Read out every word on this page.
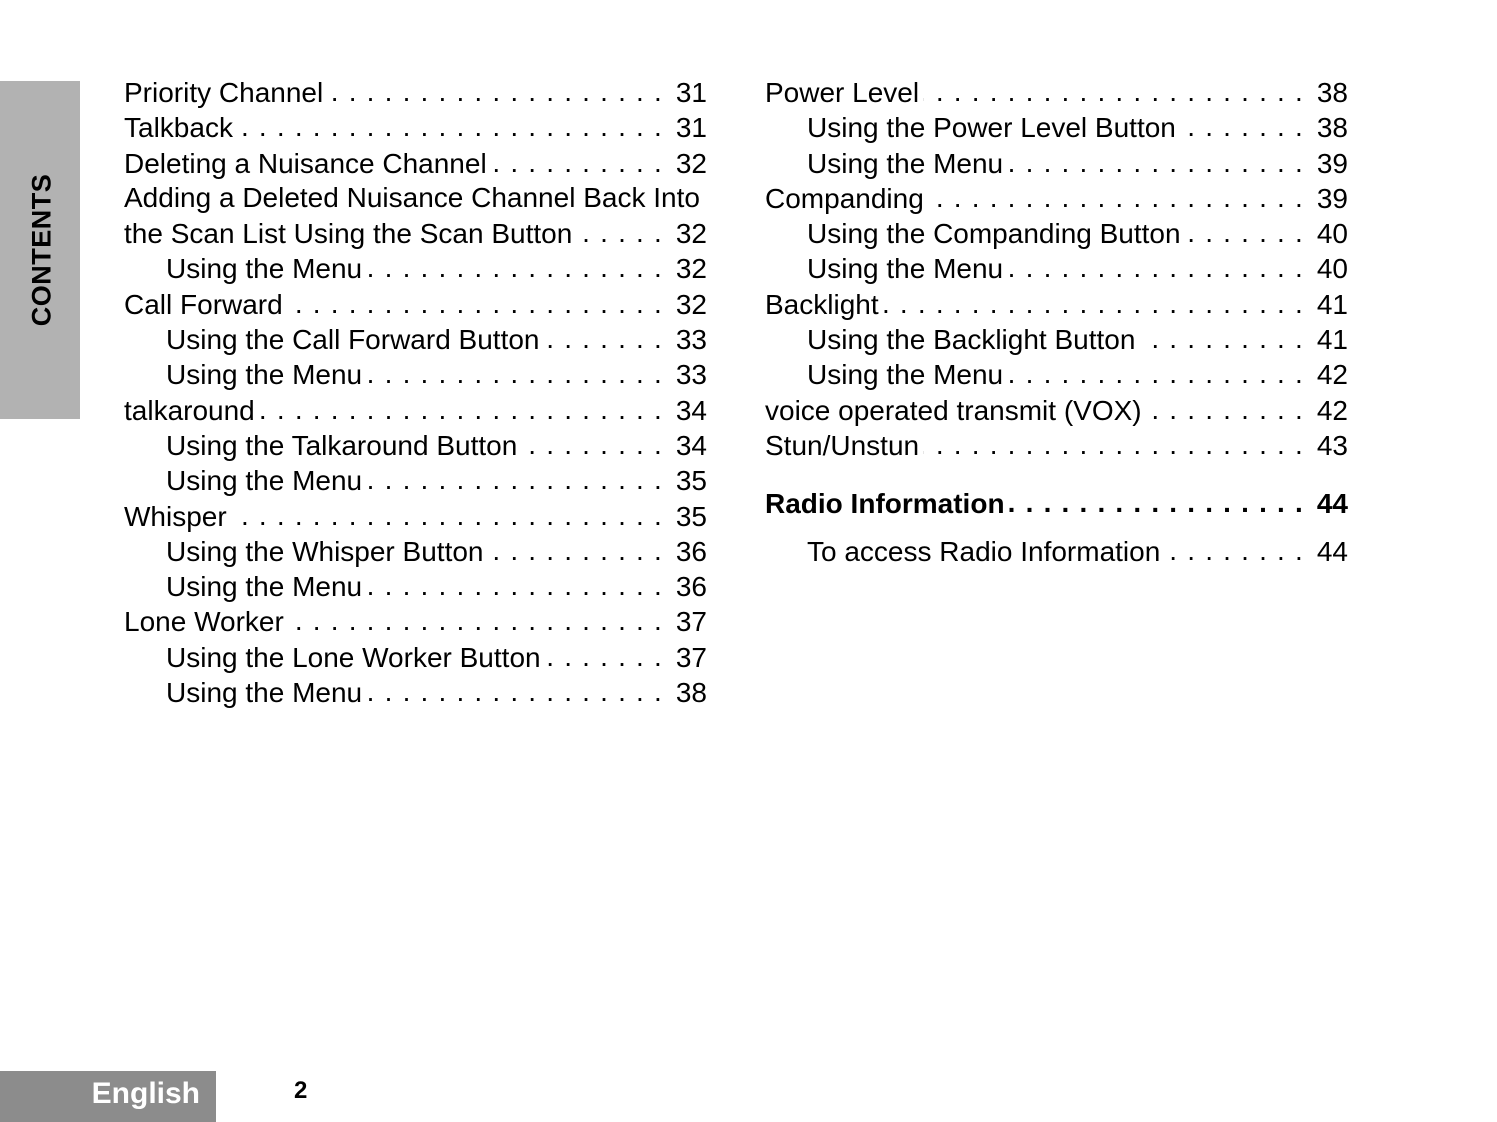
CONTENTS
Priority Channel . . .	31
Talkback . . .	31
Deleting a Nuisance Channel . . .	32
Adding a Deleted Nuisance Channel Back Into
the Scan List Using the Scan Button . . .	32
Using the Menu . . .	32
Call Forward . . .	32
Using the Call Forward Button . . .	33
Using the Menu . . .	33
talkaround . . .	34
Using the Talkaround Button . . .	34
Using the Menu . . .	35
Whisper . . .	35
Using the Whisper Button . . .	36
Using the Menu . . .	36
Lone Worker . . .	37
Using the Lone Worker Button . . .	37
Using the Menu . . .	38
Power Level . . .	38
Using the Power Level Button . . .	38
Using the Menu . . .	39
Companding . . .	39
Using the Companding Button . . .	40
Using the Menu . . .	40
Backlight . . .	41
Using the Backlight Button . . .	41
Using the Menu . . .	42
voice operated transmit (VOX) . . .	42
Stun/Unstun . . .	43
Radio Information . . .	44
To access Radio Information . . .	44
English	2
